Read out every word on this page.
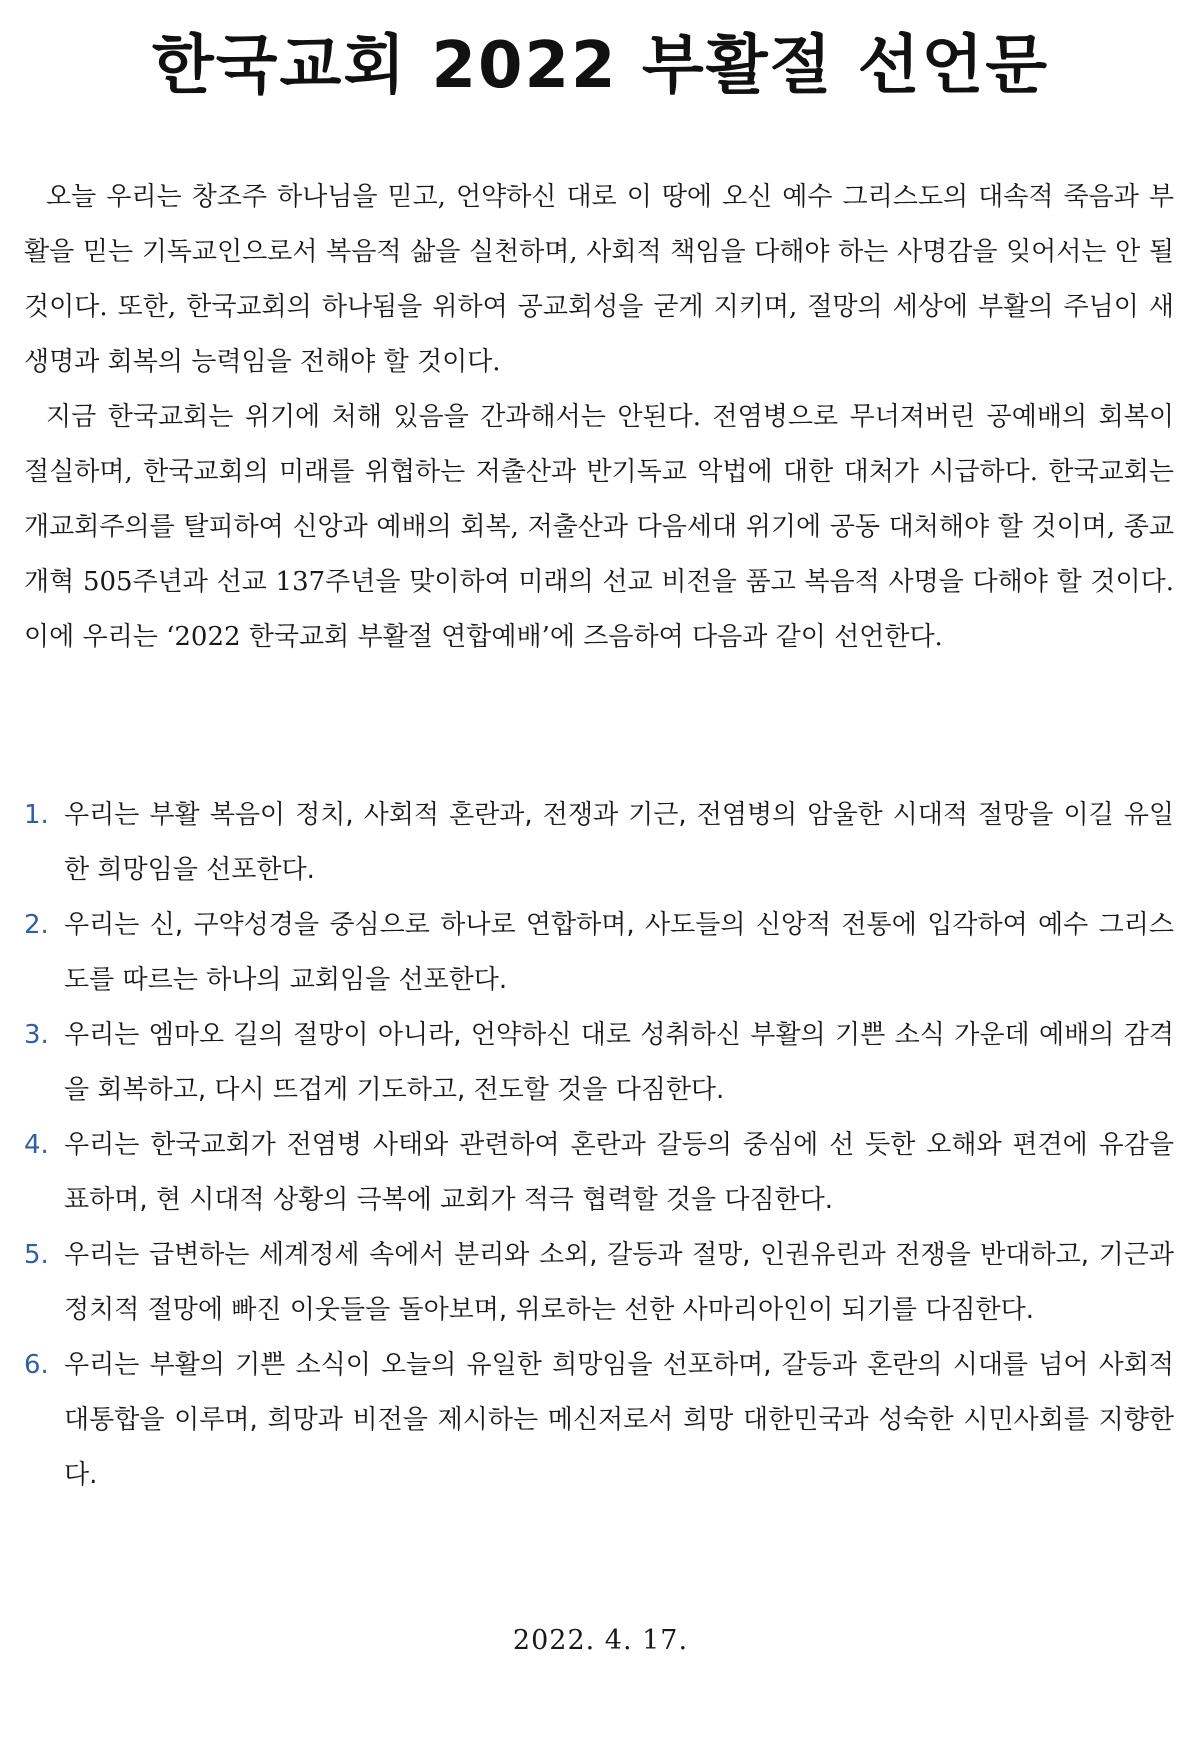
한국교회 2022 부활절 선언문

오늘 우리는 창조주 하나님을 믿고, 언약하신 대로 이 땅에 오신 예수 그리스도의 대속적 죽음과 부활을 믿는 기독교인으로서 복음적 삶을 실천하며, 사회적 책임을 다해야 하는 사명감을 잊어서는 안 될 것이다. 또한, 한국교회의 하나됨을 위하여 공교회성을 굳게 지키며, 절망의 세상에 부활의 주님이 새 생명과 회복의 능력임을 전해야 할 것이다.

지금 한국교회는 위기에 처해 있음을 간과해서는 안된다. 전염병으로 무너져버린 공예배의 회복이 절실하며, 한국교회의 미래를 위협하는 저출산과 반기독교 악법에 대한 대처가 시급하다. 한국교회는 개교회주의를 탈피하여 신앙과 예배의 회복, 저출산과 다음세대 위기에 공동 대처해야 할 것이며, 종교개혁 505주년과 선교 137주년을 맞이하여 미래의 선교 비전을 품고 복음적 사명을 다해야 할 것이다. 이에 우리는 ‘2022 한국교회 부활절 연합예배’에 즈음하여 다음과 같이 선언한다.

1. 우리는 부활 복음이 정치, 사회적 혼란과, 전쟁과 기근, 전염병의 암울한 시대적 절망을 이길 유일한 희망임을 선포한다.
2. 우리는 신, 구약성경을 중심으로 하나로 연합하며, 사도들의 신앙적 전통에 입각하여 예수 그리스도를 따르는 하나의 교회임을 선포한다.
3. 우리는 엠마오 길의 절망이 아니라, 언약하신 대로 성취하신 부활의 기쁜 소식 가운데 예배의 감격을 회복하고, 다시 뜨겁게 기도하고, 전도할 것을 다짐한다.
4. 우리는 한국교회가 전염병 사태와 관련하여 혼란과 갈등의 중심에 선 듯한 오해와 편견에 유감을 표하며, 현 시대적 상황의 극복에 교회가 적극 협력할 것을 다짐한다.
5. 우리는 급변하는 세계정세 속에서 분리와 소외, 갈등과 절망, 인권유린과 전쟁을 반대하고, 기근과 정치적 절망에 빠진 이웃들을 돌아보며, 위로하는 선한 사마리아인이 되기를 다짐한다.
6. 우리는 부활의 기쁜 소식이 오늘의 유일한 희망임을 선포하며, 갈등과 혼란의 시대를 넘어 사회적 대통합을 이루며, 희망과 비전을 제시하는 메신저로서 희망 대한민국과 성숙한 시민사회를 지향한다.

2022. 4. 17.
